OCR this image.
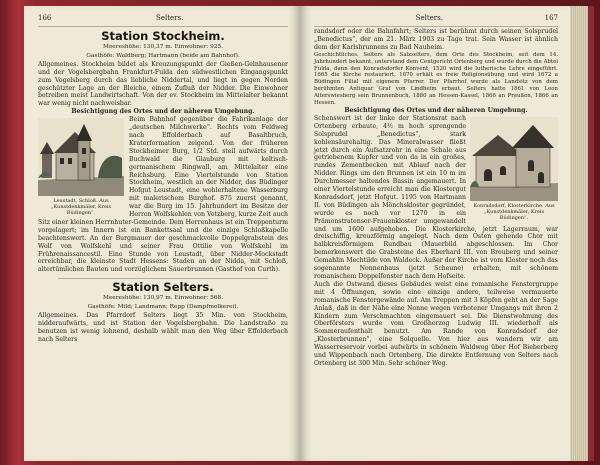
166	Selters.
Station Stockheim.
Meereshöhe: 130,37 m. Einwohner: 925.

Gasthöfe: Waldberg; Hartmann (beide am Bahnhof).

Allgemeines. Stockheim bildet als Kreuzungspunkt der Gießen-Gelnhausener und der Vogelsbergbahn Frankfurt-Fulda den südwestlichen Eingangspunkt zum Vogelsberg durch das liebliche Niddertal, und liegt in gegen Norden geschützter Lage an der Bleiche, einem Zufluß der Nidder. Die Einwohner betreiben meist Landwirtschaft. Von der ev. Stockheim im Mittelalter bekannt war wenig nicht nachweisbar.

Besichtigung des Ortes und der näheren Umgebung.

Leustadt, Schloß. Aus „Kunstdenkmäler, Kreis Büdingen“.

Beim Bahnhof gegenüber die Fabrikanlage der „deutschen Milchwerke“. Rechts vom Feldweg nach Effolderbach auf Basaltbruch, Kraterformation zeigend. Von der früheren Stockheimer Burg, 1/2 Std. steil aufwärts durch Buchwald die Glauburg mit keltisch-germanischem Ringwall, am Mittelalter eine Reichsburg. Eine Viertelstunde von Station Stockheim, westlich an der Nidder, das Büdinger Hofgut Leustadt, eine wohlerhaltene Wasserburg mit malerischem Burghof. 875 zuerst genannt, war die Burg im 15. Jahrhundert im Besitze der Herren Wolfskehlen von Vetzberg, kurze Zeit auch Sitz einer kleinen Herrnhuter-Gemeinde. Dem Herrenhaus ist ein Treppenturm vorgelagert; im Innern ist ein Bankettsaal und die einzige Schloßkapelle beachtenswert. An der Burgmauer der geschmackvolle Doppelgrabstein des Wolf von Wolfskehl und seiner Frau Ottilie von Wolfskehl im Frührenaissancestil. Eine Stunde von Leustadt, über Nidder-Mockstadt erreichbar, die kleinste Stadt Hessens: Staden an der Nidda, mit Schloß, altertümlichen Bauten und vorzüglichem Sauerbrunnen (Gasthof von Curth).

Station Selters.
Meereshöhe: 130,97 m. Einwohner: 568.

Gasthöfe: Mild; Landmann; Repp (Dampfmolkerei).

Allgemeines. Das Pfarrdorf Selters liegt 35 Min. von Stockheim, nidderaufwärts, und ist Station der Vogelsbergbahn. Die Landstraße zu benutzen ist wenig lohnend, deshalb wählt man den Weg über Effolderbach nach Selters

Selters.	167

randsdorf oder die Bahnfahrt; Selters ist berühmt durch seinen Solsprudel „Benedictus“, der am 21. März 1903 zu Tage trat. Sein Wasser ist ähnlich dem der Karlsbrunnens zu Bad Nauheim.

Geschichtliches. Selters als Salzselters, dem Orte des Stockheim, seit dem 14. Jahrhundert bekannt, unterstand dem Centgericht Ortenberg und wurde durch die Abtei Fulda, dann den Konradsdorfer Konvent, 1520 wird die lutherische Lehre eingeführt. 1665 die Kirche restauriert, 1670 erhält es freie Religionsübung und wird 1672 a Büdingen Filial mit eigenem Pfarrer. Der Pfarrhof wurde als Landsitz von dem berühmten Antiquar Graf von Lindheim erbaut. Selters hatte 1861 von Leon Alterswiesberg sein Brunnenbuch, 1880 an Hessen-Kassel, 1866 an Preußen, 1866 an Hessen.

Besichtigung des Ortes und der näheren Umgebung.

Konradsdorf, Klosterkirche. Aus „Kunstdenkmäler, Kreis Büdingen“.

Schenswert ist der linke der Stationsrat nach Ortenberg erbaute, 4½ m hoch sprengende Solsprudel „Benedictus“, stark kohlensäurehaltig. Das Mineralwasser fließt jetzt durch ein Aufsatzrohr in eine Schale aus getriebenem Kupfer und von da in ein großes, rundes Zementbecken mit Ablauf nach der Nidder. Rings um den Brunnen ist ein 10 m im Durchmesser haltendes Bassin angemauert. In einer Viertelstunde erreicht man die Klostergut Konradsdorf, jetzt Hofgut. 1195 von Hartmann II. von Büdingen als Mönchskloster gegründet, wurde es noch vor 1270 in ein Prämonstratenser-Frauenkloster umgewandelt und um 1600 aufgehoben. Die Klosterkirche, jetzt Lagerraum, war dreischiffig, kreuzförmig angelegt. Nach dem Osten gehende Chor mit halbkreisförmigem Rundbau (Mauerbild abgeschlossen. Im Chor bemerkenswert die Grabsteine des Eberhard III. von Breuberg und seiner Gemahlin Mechtilde von Waldeck. Außer der Kirche ist vom Kloster noch das sogenannte Nonnenhaus (jetzt Scheune) erhalten, mit schönem romanischem Doppelfenster nach dem Hofseite.

Auch die Ostwand dieses Gebäudes weist eine romanische Fenstergruppe mit 4 Öffnungen, sowie eine einzige andere, teilweise vermauerte romanische Fenstergewände auf. Am Treppen mit 3 Köpfen geht an der Sage Anlaß, daß in der Nähe eine Nonne wegen verbotener Umgangs mit ihren 2 Kindern zum Verschmachten eingemauert sei. Die Dienstwohnung des Oberförsters wurde vom Großherzog Ludwig III. wiederholt als Sommeraufenthalt benutzt. Am Rande von Konradsdorf der „Klosterbrunnen“, eine Solquelle. Von hier aus wandern wir am Wasserreservoir vorbei aufwärts in schönem Waldweg über Hof Bieberberg und Wippenbach nach Ortenberg. Die direkte Entfernung von Selters nach Ortenberg ist 300 Min. Sehr schöner Weg.
